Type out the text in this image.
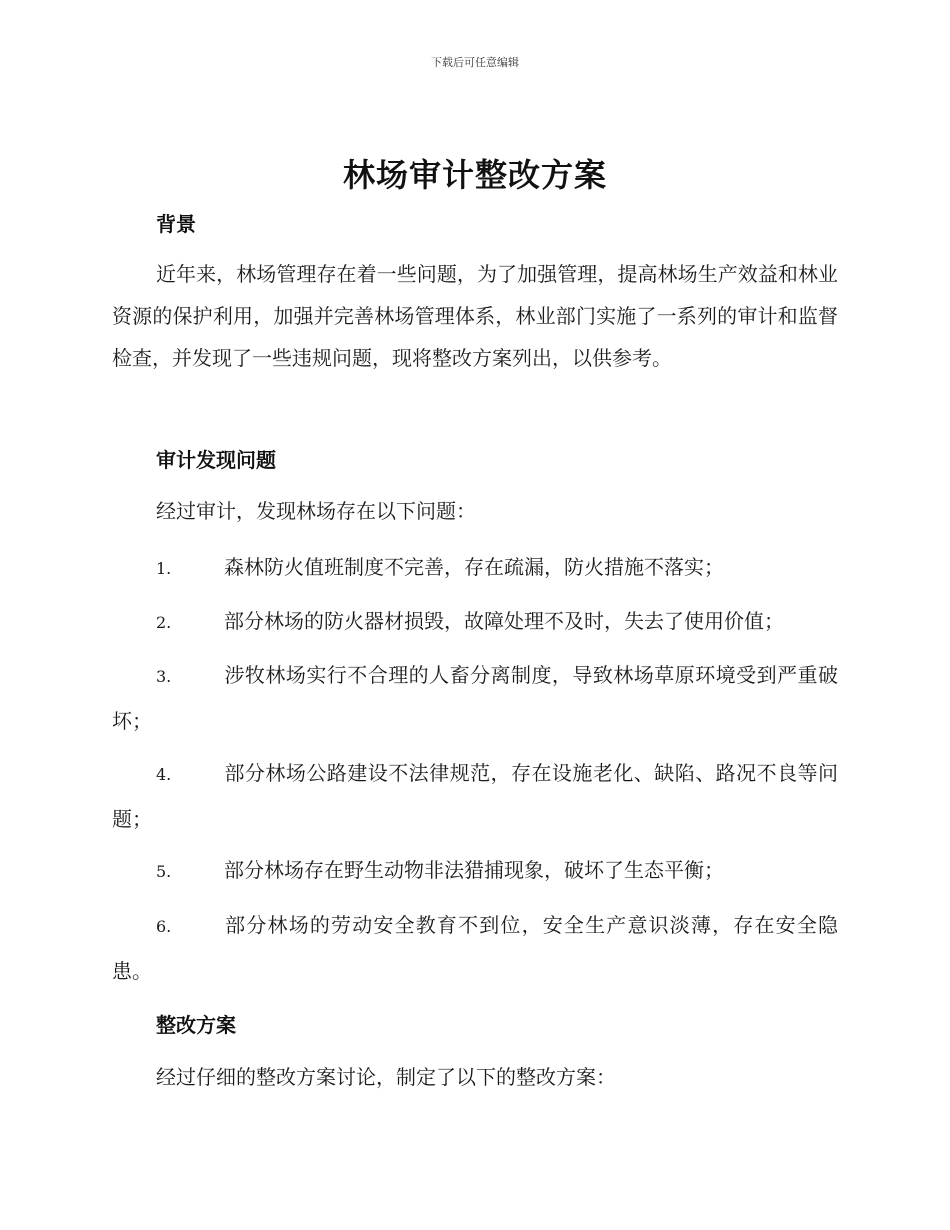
下载后可任意编辑
林场审计整改方案
背景
近年来，林场管理存在着一些问题，为了加强管理，提高林场生产效益和林业资源的保护利用，加强并完善林场管理体系，林业部门实施了一系列的审计和监督检查，并发现了一些违规问题，现将整改方案列出，以供参考。
审计发现问题
经过审计，发现林场存在以下问题：
1.	森林防火值班制度不完善，存在疏漏，防火措施不落实；
2.	部分林场的防火器材损毁，故障处理不及时，失去了使用价值；
3.	涉牧林场实行不合理的人畜分离制度，导致林场草原环境受到严重破坏；
4.	部分林场公路建设不法律规范，存在设施老化、缺陷、路况不良等问题；
5.	部分林场存在野生动物非法猎捕现象，破坏了生态平衡；
6.	部分林场的劳动安全教育不到位，安全生产意识淡薄，存在安全隐患。
整改方案
经过仔细的整改方案讨论，制定了以下的整改方案：
